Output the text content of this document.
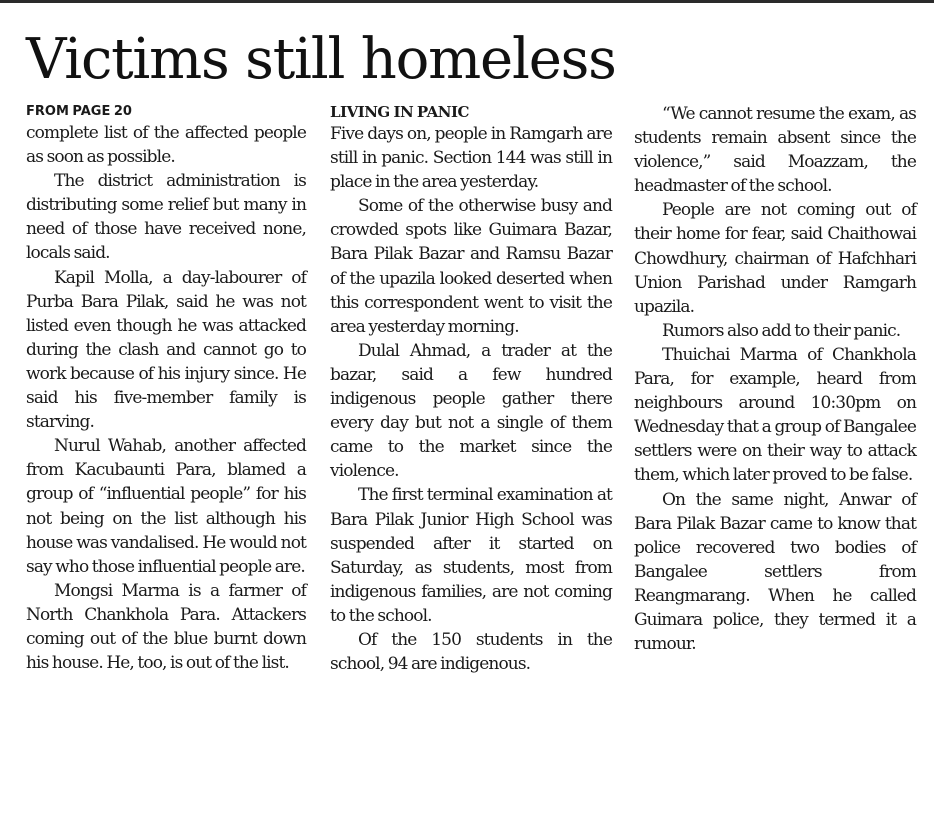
Victims still homeless
FROM PAGE 20

complete list of the affected people as soon as possible.

The district administration is distributing some relief but many in need of those have received none, locals said.

Kapil Molla, a day-labourer of Purba Bara Pilak, said he was not listed even though he was attacked during the clash and cannot go to work because of his injury since. He said his five-member family is starving.

Nurul Wahab, another affected from Kacubaunti Para, blamed a group of “influential people” for his not being on the list although his house was vandalised. He would not say who those influential people are.

Mongsi Marma is a farmer of North Chankhola Para. Attackers coming out of the blue burnt down his house. He, too, is out of the list.

LIVING IN PANIC

Five days on, people in Ramgarh are still in panic. Section 144 was still in place in the area yesterday.

Some of the otherwise busy and crowded spots like Guimara Bazar, Bara Pilak Bazar and Ramsu Bazar of the upazila looked deserted when this correspondent went to visit the area yesterday morning.

Dulal Ahmad, a trader at the bazar, said a few hundred indigenous people gather there every day but not a single of them came to the market since the violence.

The first terminal examination at Bara Pilak Junior High School was suspended after it started on Saturday, as students, most from indigenous families, are not coming to the school.

Of the 150 students in the school, 94 are indigenous.

“We cannot resume the exam, as students remain absent since the violence,” said Moazzam, the headmaster of the school.

People are not coming out of their home for fear, said Chaithowai Chowdhury, chairman of Hafchhari Union Parishad under Ramgarh upazila.

Rumors also add to their panic.

Thuichai Marma of Chankhola Para, for example, heard from neighbours around 10:30pm on Wednesday that a group of Bangalee settlers were on their way to attack them, which later proved to be false.

On the same night, Anwar of Bara Pilak Bazar came to know that police recovered two bodies of Bangalee settlers from Reangmarang. When he called Guimara police, they termed it a rumour.
